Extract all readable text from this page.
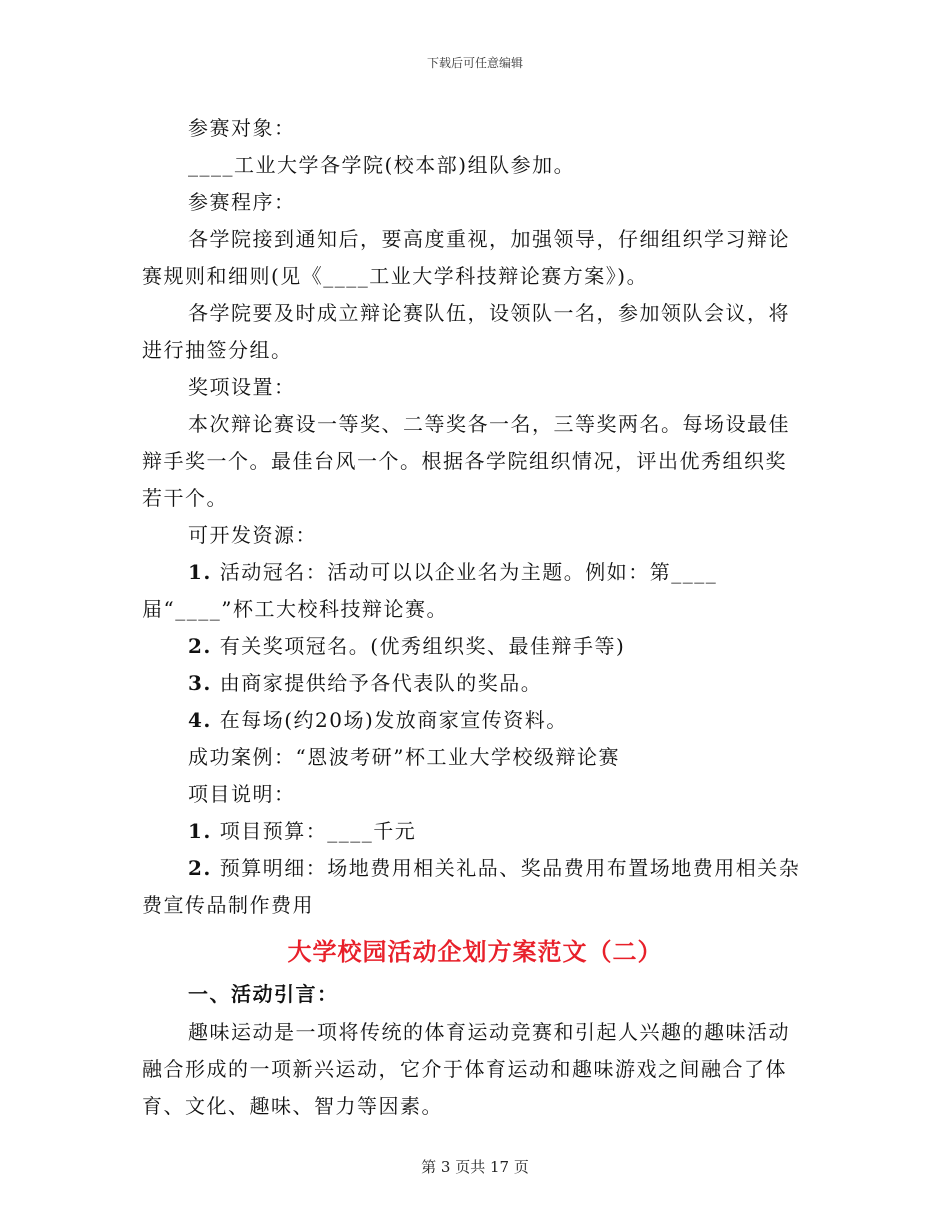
下载后可任意编辑

参赛对象：

____工业大学各学院(校本部)组队参加。

参赛程序：

各学院接到通知后，要高度重视，加强领导，仔细组织学习辩论赛规则和细则(见《____工业大学科技辩论赛方案》)。

各学院要及时成立辩论赛队伍，设领队一名，参加领队会议，将进行抽签分组。

奖项设置：

本次辩论赛设一等奖、二等奖各一名，三等奖两名。每场设最佳辩手奖一个。最佳台风一个。根据各学院组织情况，评出优秀组织奖若干个。

可开发资源：

1. 活动冠名：活动可以以企业名为主题。例如：第____届“____”杯工大校科技辩论赛。

2. 有关奖项冠名。(优秀组织奖、最佳辩手等)

3. 由商家提供给予各代表队的奖品。

4. 在每场(约20场)发放商家宣传资料。

成功案例：“恩波考研”杯工业大学校级辩论赛

项目说明：

1. 项目预算：____千元

2. 预算明细：场地费用相关礼品、奖品费用布置场地费用相关杂费宣传品制作费用

大学校园活动企划方案范文（二）
一、活动引言：

趣味运动是一项将传统的体育运动竞赛和引起人兴趣的趣味活动融合形成的一项新兴运动，它介于体育运动和趣味游戏之间融合了体育、文化、趣味、智力等因素。

第 3 页共 17 页
